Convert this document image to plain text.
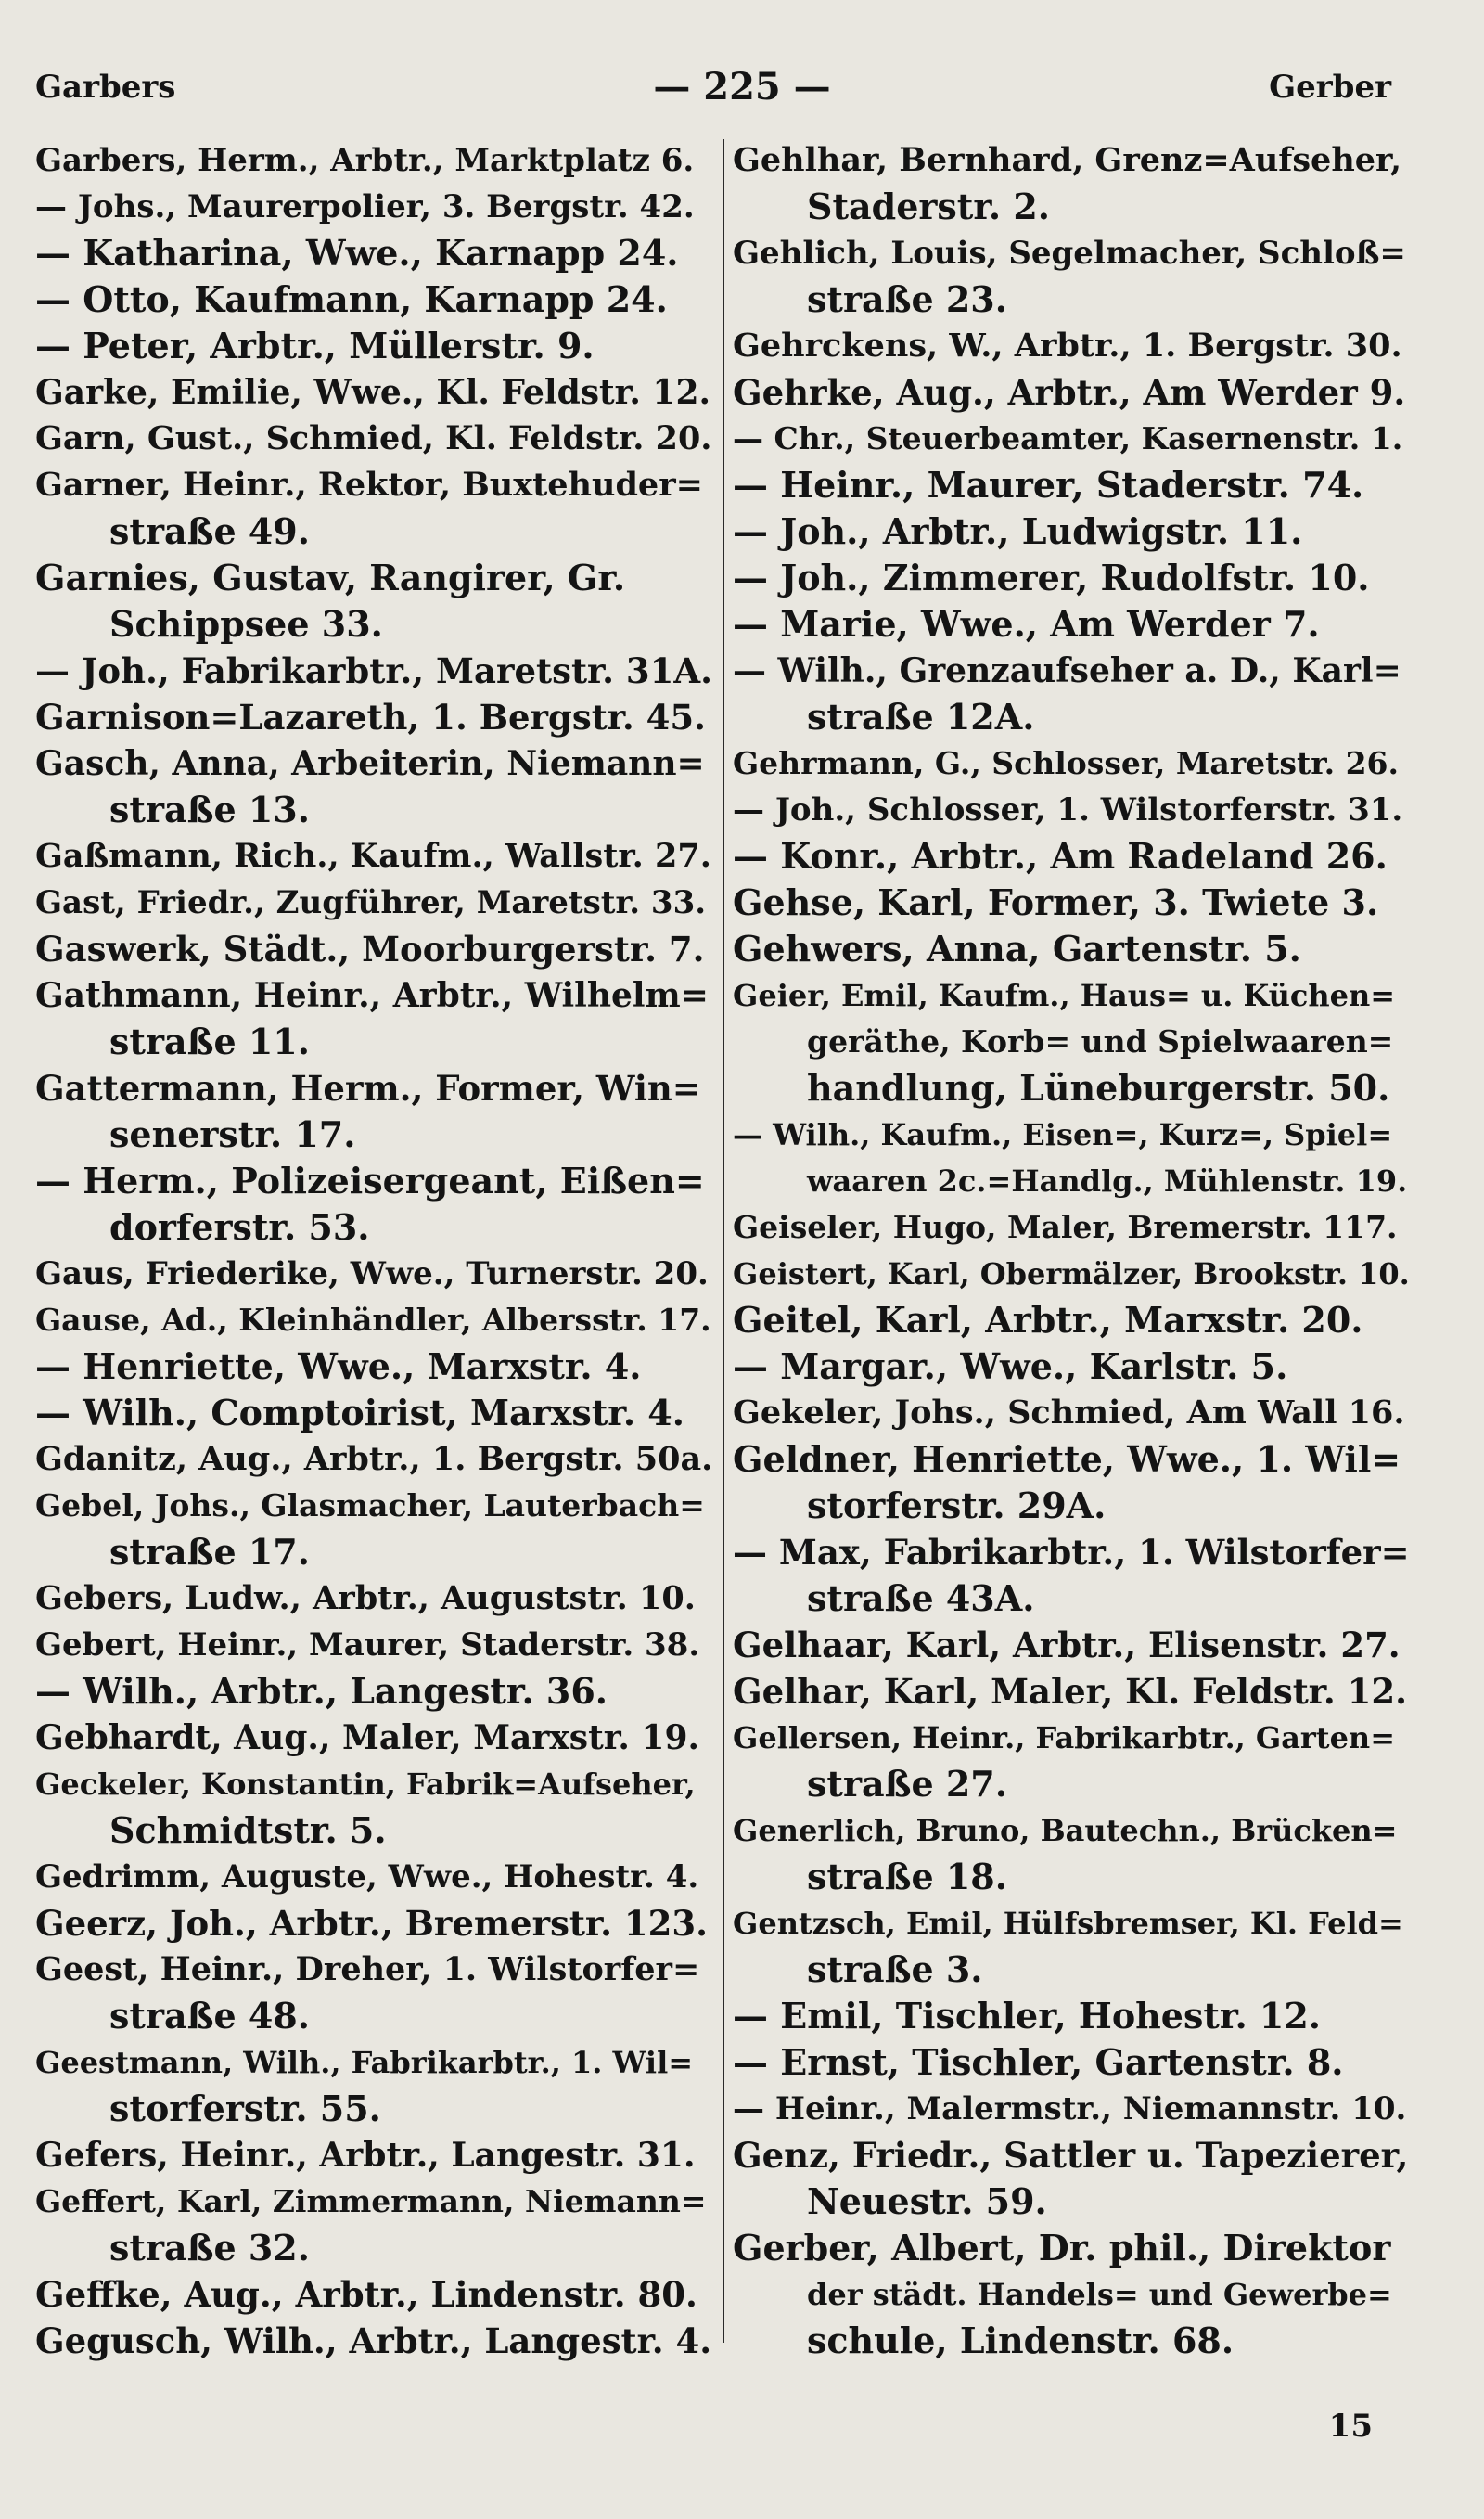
Garbers	— 225 —	Gerber
Garbers, Herm., Arbtr., Marktplatz 6.
— Johs., Maurerpolier, 3. Bergstr. 42.
— Katharina, Wwe., Karnapp 24.
— Otto, Kaufmann, Karnapp 24.
— Peter, Arbtr., Müllerstr. 9.
Garke, Emilie, Wwe., Kl. Feldstr. 12.
Garn, Gust., Schmied, Kl. Feldstr. 20.
Garner, Heinr., Rektor, Buxtehuder=
straße 49.
Garnies, Gustav, Rangirer, Gr.
Schippsee 33.
— Joh., Fabrikarbtr., Maretstr. 31A.
Garnison=Lazareth, 1. Bergstr. 45.
Gasch, Anna, Arbeiterin, Niemann=
straße 13.
Gaßmann, Rich., Kaufm., Wallstr. 27.
Gast, Friedr., Zugführer, Maretstr. 33.
Gaswerk, Städt., Moorburgerstr. 7.
Gathmann, Heinr., Arbtr., Wilhelm=
straße 11.
Gattermann, Herm., Former, Win=
senerstr. 17.
— Herm., Polizeisergeant, Eißen=
dorferstr. 53.
Gaus, Friederike, Wwe., Turnerstr. 20.
Gause, Ad., Kleinhändler, Albersstr. 17.
— Henriette, Wwe., Marxstr. 4.
— Wilh., Comptoirist, Marxstr. 4.
Gdanitz, Aug., Arbtr., 1. Bergstr. 50a.
Gebel, Johs., Glasmacher, Lauterbach=
straße 17.
Gebers, Ludw., Arbtr., Auguststr. 10.
Gebert, Heinr., Maurer, Staderstr. 38.
— Wilh., Arbtr., Langestr. 36.
Gebhardt, Aug., Maler, Marxstr. 19.
Geckeler, Konstantin, Fabrik=Aufseher,
Schmidtstr. 5.
Gedrimm, Auguste, Wwe., Hohestr. 4.
Geerz, Joh., Arbtr., Bremerstr. 123.
Geest, Heinr., Dreher, 1. Wilstorfer=
straße 48.
Geestmann, Wilh., Fabrikarbtr., 1. Wil=
storferstr. 55.
Gefers, Heinr., Arbtr., Langestr. 31.
Geffert, Karl, Zimmermann, Niemann=
straße 32.
Geffke, Aug., Arbtr., Lindenstr. 80.
Gegusch, Wilh., Arbtr., Langestr. 4.
Gehlhar, Bernhard, Grenz=Aufseher,
Staderstr. 2.
Gehlich, Louis, Segelmacher, Schloß=
straße 23.
Gehrckens, W., Arbtr., 1. Bergstr. 30.
Gehrke, Aug., Arbtr., Am Werder 9.
— Chr., Steuerbeamter, Kasernenstr. 1.
— Heinr., Maurer, Staderstr. 74.
— Joh., Arbtr., Ludwigstr. 11.
— Joh., Zimmerer, Rudolfstr. 10.
— Marie, Wwe., Am Werder 7.
— Wilh., Grenzaufseher a. D., Karl=
straße 12A.
Gehrmann, G., Schlosser, Maretstr. 26.
— Joh., Schlosser, 1. Wilstorferstr. 31.
— Konr., Arbtr., Am Radeland 26.
Gehse, Karl, Former, 3. Twiete 3.
Gehwers, Anna, Gartenstr. 5.
Geier, Emil, Kaufm., Haus= u. Küchen=
geräthe, Korb= und Spielwaaren=
handlung, Lüneburgerstr. 50.
— Wilh., Kaufm., Eisen=, Kurz=, Spiel=
waaren 2c.=Handlg., Mühlenstr. 19.
Geiseler, Hugo, Maler, Bremerstr. 117.
Geistert, Karl, Obermälzer, Brookstr. 10.
Geitel, Karl, Arbtr., Marxstr. 20.
— Margar., Wwe., Karlstr. 5.
Gekeler, Johs., Schmied, Am Wall 16.
Geldner, Henriette, Wwe., 1. Wil=
storferstr. 29A.
— Max, Fabrikarbtr., 1. Wilstorfer=
straße 43A.
Gelhaar, Karl, Arbtr., Elisenstr. 27.
Gelhar, Karl, Maler, Kl. Feldstr. 12.
Gellersen, Heinr., Fabrikarbtr., Garten=
straße 27.
Generlich, Bruno, Bautechn., Brücken=
straße 18.
Gentzsch, Emil, Hülfsbremser, Kl. Feld=
straße 3.
— Emil, Tischler, Hohestr. 12.
— Ernst, Tischler, Gartenstr. 8.
— Heinr., Malermstr., Niemannstr. 10.
Genz, Friedr., Sattler u. Tapezierer,
Neuestr. 59.
Gerber, Albert, Dr. phil., Direktor
der städt. Handels= und Gewerbe=
schule, Lindenstr. 68.
15
